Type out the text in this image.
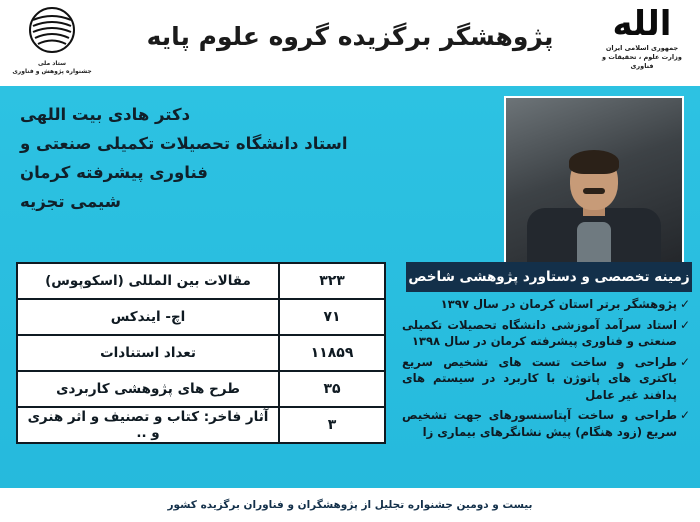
ستاد ملی
جشنواره پژوهش و فناوری
پژوهشگر برگزیده گروه علوم پایه	الله
جمهوری اسلامی ایران
وزارت علوم ، تحقیقات و فناوری
دکتر هادی بیت اللهی
استاد دانشگاه تحصیلات تکمیلی صنعتی و
فناوری پیشرفته کرمان
شیمی تجزیه
زمینه تخصصی و دستاورد پژوهشی شاخص
✓
پژوهشگر برتر استان کرمان در سال ۱۳۹۷
✓
استاد سرآمد آموزشی دانشگاه تحصیلات تکمیلی صنعتی و فناوری پیشرفته کرمان در سال ۱۳۹۸
✓
طراحی و ساخت تست های تشخیص سریع باکتری های پاتوژن با کاربرد در سیستم های پدافند غیر عامل
✓
طراحی و ساخت آپتاسنسورهای جهت تشخیص سریع (زود هنگام) پیش نشانگرهای بیماری زا
۳۲۳
مقالات بین المللی (اسکوپوس)
۷۱
اچ- ایندکس
۱۱۸۵۹
تعداد استنادات
۳۵
طرح های پژوهشی کاربردی
۳
آثار فاخر: کتاب و تصنیف و اثر هنری و ..
بیست و دومین جشنواره تجلیل از پژوهشگران و فناوران برگزیده کشور
